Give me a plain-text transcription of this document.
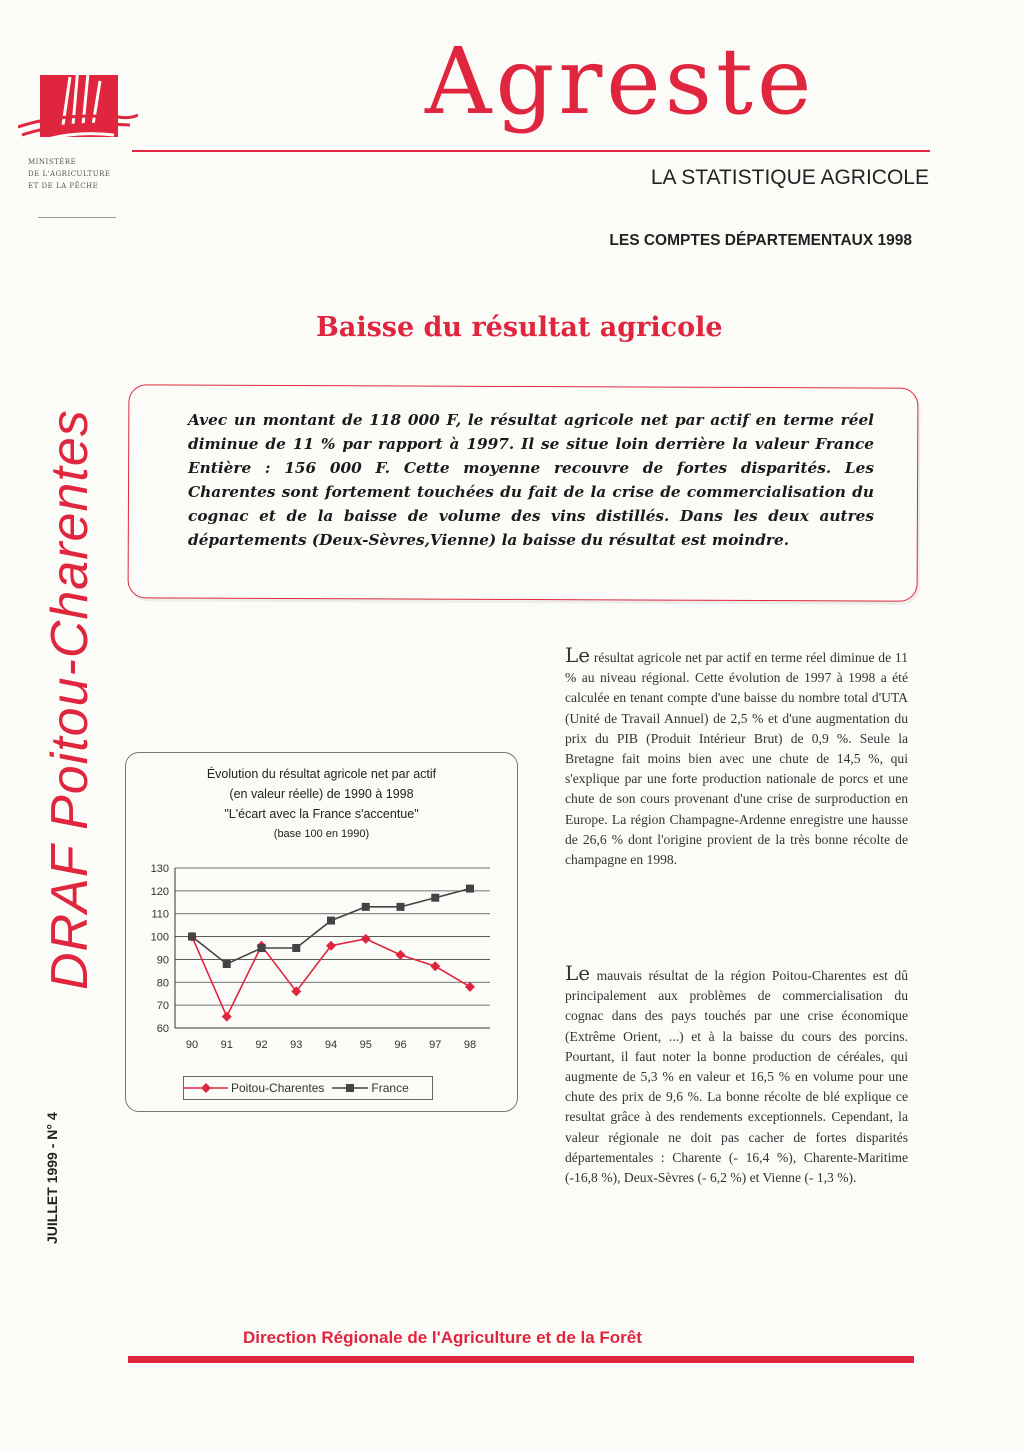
MINISTÈRE
DE L'AGRICULTURE
ET DE LA PÊCHE
Agreste
LA STATISTIQUE AGRICOLE
LES COMPTES DÉPARTEMENTAUX 1998
DRAF Poitou-Charentes
JUILLET 1999 - N° 4
Baisse du résultat agricole

Avec un montant de 118 000 F, le résultat agricole net par actif en terme réel diminue de 11 % par rapport à 1997. Il se situe loin derrière la valeur France Entière : 156 000 F. Cette moyenne recouvre de fortes disparités. Les Charentes sont fortement touchées du fait de la crise de commercialisation du cognac et de la baisse de volume des vins distillés. Dans les deux autres départements (Deux-Sèvres,Vienne) la baisse du résultat est moindre.

Le résultat agricole net par actif en terme réel diminue de 11 % au niveau régional. Cette évolution de 1997 à 1998 a été calculée en tenant compte d'une baisse du nombre total d'UTA (Unité de Travail Annuel) de 2,5 % et d'une augmentation du prix du PIB (Produit Intérieur Brut) de 0,9 %. Seule la Bretagne fait moins bien avec une chute de 14,5 %, qui s'explique par une forte production nationale de porcs et une chute de son cours provenant d'une crise de surproduction en Europe. La région Champagne-Ardenne enregistre une hausse de 26,6 % dont l'origine provient de la très bonne récolte de champagne en 1998.

Le mauvais résultat de la région Poitou-Charentes est dû principalement aux problèmes de commercialisation du cognac dans des pays touchés par une crise économique (Extrême Orient, ...) et à la baisse du cours des porcins. Pourtant, il faut noter la bonne production de céréales, qui augmente de 5,3 % en valeur et 16,5 % en volume pour une chute des prix de 9,6 %. La bonne récolte de blé explique ce resultat grâce à des rendements exceptionnels. Cependant, la valeur régionale ne doit pas cacher de fortes disparités départementales : Charente (- 16,4 %), Charente-Maritime (-16,8 %), Deux-Sèvres (- 6,2 %) et Vienne (- 1,3 %).

Évolution du résultat agricole net par actif
(en valeur réelle) de 1990 à 1998
"L'écart avec la France s'accentue"
(base 100 en 1990)
60
70
80
90
100
110
120
130
90 91 92 93 94 95 96 97 98
Poitou-Charentes	France
Direction Régionale de l'Agriculture et de la Forêt
